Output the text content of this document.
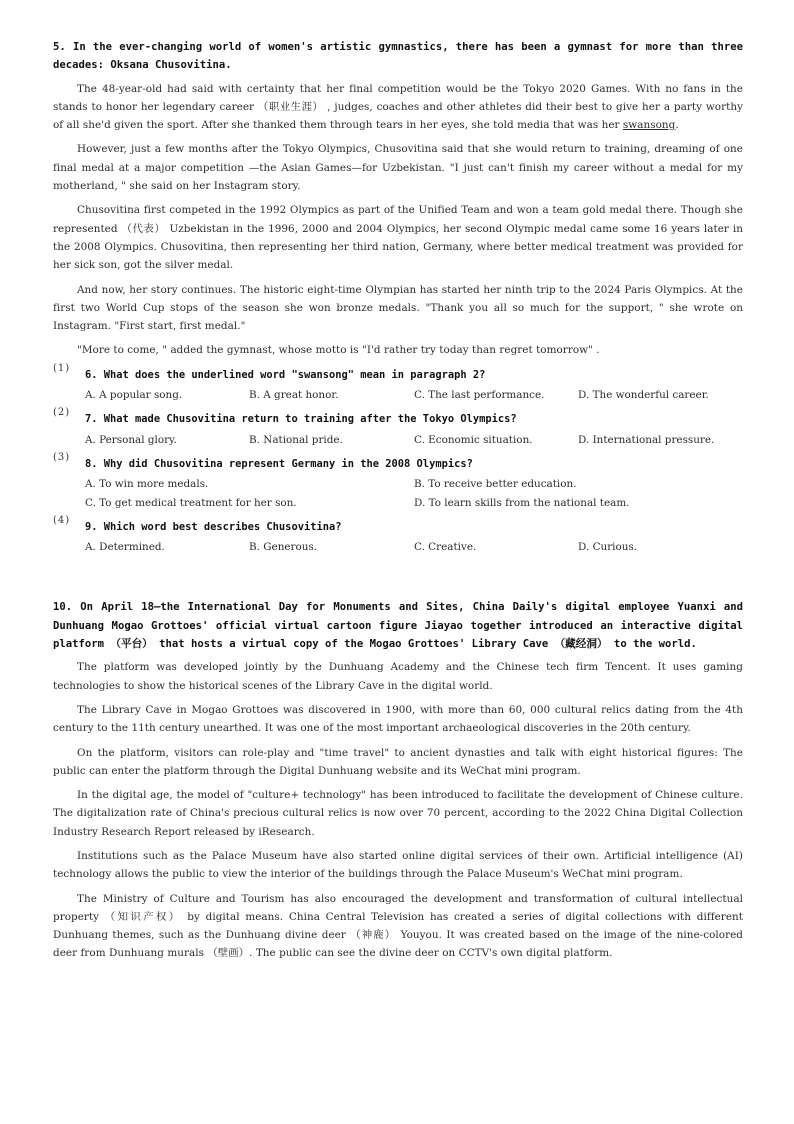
5. In the ever-changing world of women's artistic gymnastics, there has been a gymnast for more than three decades: Oksana Chusovitina.

The 48-year-old had said with certainty that her final competition would be the Tokyo 2020 Games. With no fans in the stands to honor her legendary career （职业生涯） , judges, coaches and other athletes did their best to give her a party worthy of all she'd given the sport. After she thanked them through tears in her eyes, she told media that was her swansong.

However, just a few months after the Tokyo Olympics, Chusovitina said that she would return to training, dreaming of one final medal at a major competition —the Asian Games—for Uzbekistan. "I just can't finish my career without a medal for my motherland, " she said on her Instagram story.

Chusovitina first competed in the 1992 Olympics as part of the Unified Team and won a team gold medal there. Though she represented （代表） Uzbekistan in the 1996, 2000 and 2004 Olympics, her second Olympic medal came some 16 years later in the 2008 Olympics. Chusovitina, then representing her third nation, Germany, where better medical treatment was provided for her sick son, got the silver medal.

And now, her story continues. The historic eight-time Olympian has started her ninth trip to the 2024 Paris Olympics. At the first two World Cup stops of the season she won bronze medals. "Thank you all so much for the support, " she wrote on Instagram. "First start, first medal."

"More to come, " added the gymnast, whose motto is "I'd rather try today than regret tomorrow" .

(1)
6. What does the underlined word "swansong" mean in paragraph 2?
A. A popular song.	B. A great honor.	C. The last performance.	D. The wonderful career.
(2)
7. What made Chusovitina return to training after the Tokyo Olympics?
A. Personal glory.	B. National pride.	C. Economic situation.	D. International pressure.
(3)
8. Why did Chusovitina represent Germany in the 2008 Olympics?
A. To win more medals.	B. To receive better education.
C. To get medical treatment for her son.	D. To learn skills from the national team.
(4)
9. Which word best describes Chusovitina?
A. Determined.	B. Generous.	C. Creative.	D. Curious.
10. On April 18—the International Day for Monuments and Sites, China Daily's digital employee Yuanxi and Dunhuang Mogao Grottoes' official virtual cartoon figure Jiayao together introduced an interactive digital platform （平台） that hosts a virtual copy of the Mogao Grottoes' Library Cave （藏经洞） to the world.

The platform was developed jointly by the Dunhuang Academy and the Chinese tech firm Tencent. It uses gaming technologies to show the historical scenes of the Library Cave in the digital world.

The Library Cave in Mogao Grottoes was discovered in 1900, with more than 60, 000 cultural relics dating from the 4th century to the 11th century unearthed. It was one of the most important archaeological discoveries in the 20th century.

On the platform, visitors can role-play and "time travel" to ancient dynasties and talk with eight historical figures: The public can enter the platform through the Digital Dunhuang website and its WeChat mini program.

In the digital age, the model of "culture+ technology" has been introduced to facilitate the development of Chinese culture. The digitalization rate of China's precious cultural relics is now over 70 percent, according to the 2022 China Digital Collection Industry Research Report released by iResearch.

Institutions such as the Palace Museum have also started online digital services of their own. Artificial intelligence (AI) technology allows the public to view the interior of the buildings through the Palace Museum's WeChat mini program.

The Ministry of Culture and Tourism has also encouraged the development and transformation of cultural intellectual property （知识产权） by digital means. China Central Television has created a series of digital collections with different Dunhuang themes, such as the Dunhuang divine deer （神鹿） Youyou. It was created based on the image of the nine-colored deer from Dunhuang murals （壁画）. The public can see the divine deer on CCTV's own digital platform.
